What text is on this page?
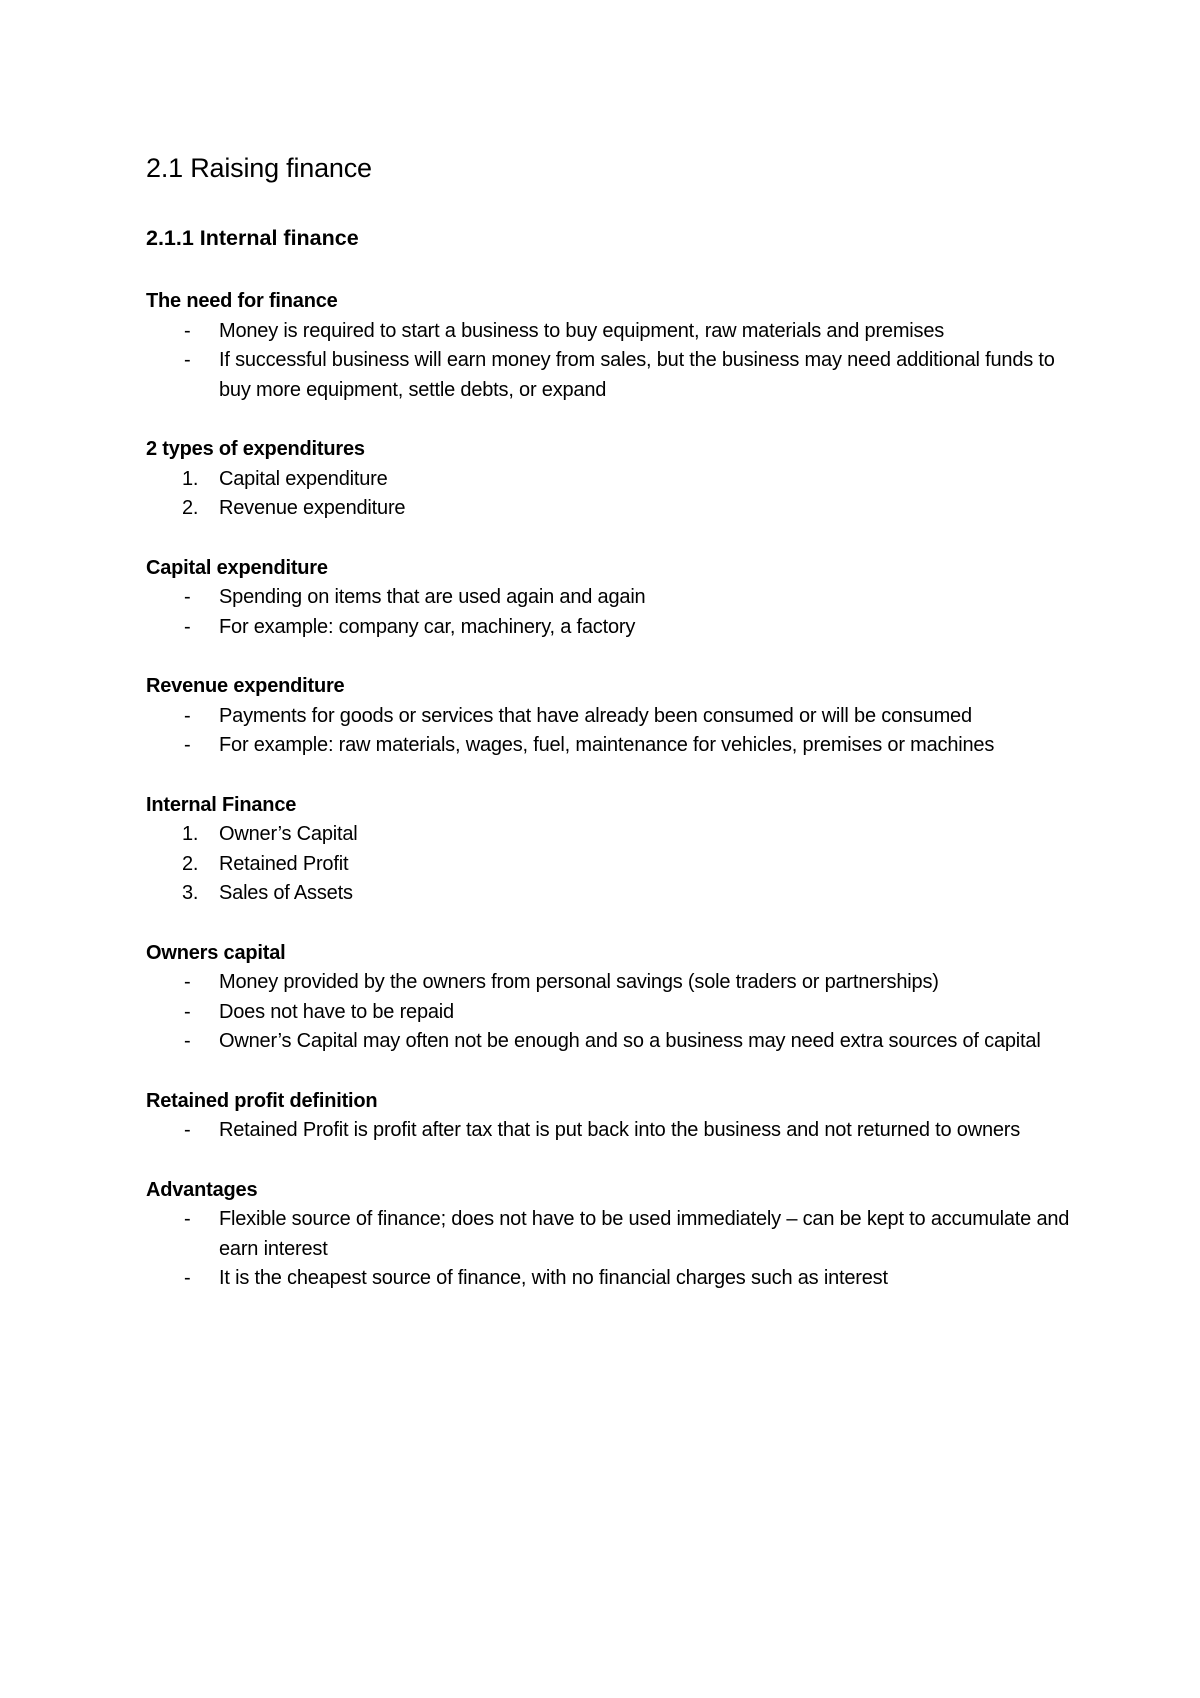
2.1 Raising finance
2.1.1 Internal finance
The need for finance
-	Money is required to start a business to buy equipment, raw materials and premises
-	If successful business will earn money from sales, but the business may need additional funds to buy more equipment, settle debts, or expand
2 types of expenditures
1.	Capital expenditure
2.	Revenue expenditure
Capital expenditure
-	Spending on items that are used again and again
-	For example: company car, machinery, a factory
Revenue expenditure
-	Payments for goods or services that have already been consumed or will be consumed
-	For example: raw materials, wages, fuel, maintenance for vehicles, premises or machines
Internal Finance
1.	Owner’s Capital
2.	Retained Profit
3.	Sales of Assets
Owners capital
-	Money provided by the owners from personal savings (sole traders or partnerships)
-	Does not have to be repaid
-	Owner’s Capital may often not be enough and so a business may need extra sources of capital
Retained profit definition
-	Retained Profit is profit after tax that is put back into the business and not returned to owners
Advantages
-	Flexible source of finance; does not have to be used immediately – can be kept to accumulate and earn interest
-	It is the cheapest source of finance, with no financial charges such as interest
